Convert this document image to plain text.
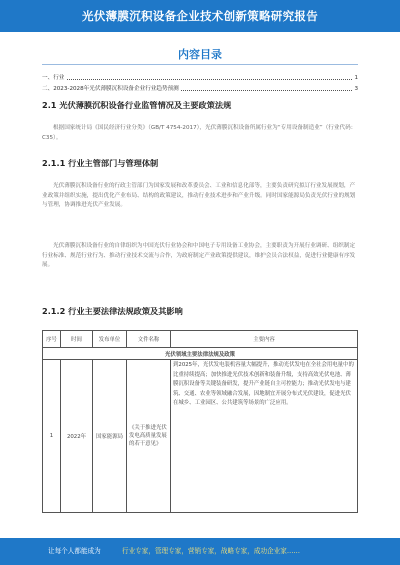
光伏薄膜沉积设备企业技术创新策略研究报告
内容目录
一、行业	1
二、2023-2028年光伏薄膜沉积设备企业行业趋势预测	3
2.1 光伏薄膜沉积设备行业监管情况及主要政策法规
根据国家统计局《国民经济行业分类》（GB/T 4754-2017），光伏薄膜沉积设备所属行业为“专用设备制造业”（行业代码：C35）。
2.1.1 行业主管部门与管理体制
光伏薄膜沉积设备行业的行政主管部门为国家发展和改革委员会、工业和信息化部等，主要负责研究拟订行业发展规划，产业政策并组织实施，提出优化产业布局、结构的政策建议，推动行业技术进步和产业升级。同时国家能源局负责光伏行业的规划与管理，协调推进光伏产业发展。
光伏薄膜沉积设备行业的自律组织为中国光伏行业协会和中国电子专用设备工业协会，主要职责为开展行业调研、组织制定行业标准、规范行业行为、推动行业技术交流与合作，为政府制定产业政策提供建议，维护会员合法权益，促进行业健康有序发展。
2.1.2 行业主要法律法规政策及其影响
序号	时间	发布单位	文件名称	主要内容
光伏领域主要法律法规及政策				
1	2022年	国家能源局	《关于推进光伏发电高质量发展的若干意见》	到2025年，光伏发电装机容量大幅提升，推动光伏发电在全社会用电量中的比重持续提高；加快推进光伏技术创新和装备升级，支持高效光伏电池、薄膜沉积设备等关键装备研发，提升产业链自主可控能力；推动光伏发电与建筑、交通、农业等领域融合发展，因地制宜开展分布式光伏建设，促进光伏在城乡、工业园区、公共建筑等场景的广泛应用。
让每个人都能成为	行业专家，管理专家，营销专家，战略专家，成功企业家……
